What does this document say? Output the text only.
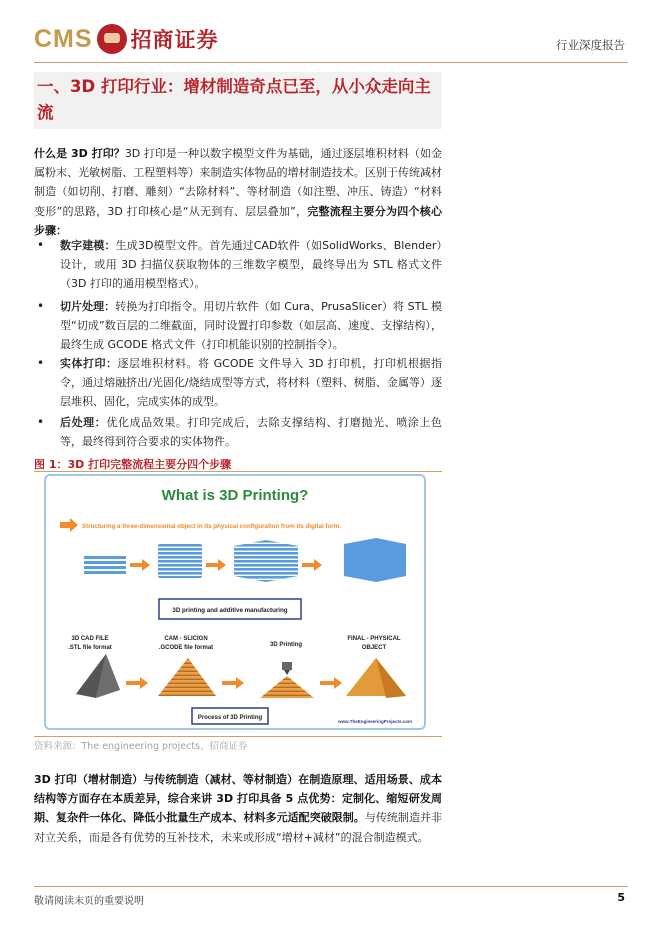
CMS 招商证券	行业深度报告
一、3D 打印行业：增材制造奇点已至，从小众走向主流
什么是 3D 打印？3D 打印是一种以数字模型文件为基础，通过逐层堆积材料（如金属粉末、光敏树脂、工程塑料等）来制造实体物品的增材制造技术。区别于传统减材制造（如切削、打磨、雕刻）“去除材料”、等材制造（如注塑、冲压、铸造）“材料变形”的思路，3D 打印核心是“从无到有、层层叠加”，完整流程主要分为四个核心步骤：
• 数字建模：生成3D模型文件。首先通过CAD软件（如SolidWorks、Blender）设计，或用 3D 扫描仪获取物体的三维数字模型，最终导出为 STL 格式文件（3D 打印的通用模型格式）。
• 切片处理：转换为打印指令。用切片软件（如 Cura、PrusaSlicer）将 STL 模型“切成”数百层的二维截面，同时设置打印参数（如层高、速度、支撑结构），最终生成 GCODE 格式文件（打印机能识别的控制指令）。
• 实体打印：逐层堆积材料。将 GCODE 文件导入 3D 打印机，打印机根据指令，通过熔融挤出/光固化/烧结成型等方式，将材料（塑料、树脂、金属等）逐层堆积、固化，完成实体的成型。
• 后处理：优化成品效果。打印完成后，去除支撑结构、打磨抛光、喷涂上色等，最终得到符合要求的实体物件。
图 1：3D 打印完整流程主要分四个步骤
What is 3D Printing?
Structuring a three-dimensional object in its physical configuration from its digital form.
3D printing and additive manufacturing
3D CAD FILE .STL file format
CAM - SLICIGN .GCODE file format	3D Printing
FINAL - PHYSICAL OBJECT
Process of 3D Printing
www.TheEngineeringProjects.com
资料来源：The engineering projects、招商证券
3D 打印（增材制造）与传统制造（减材、等材制造）在制造原理、适用场景、成本结构等方面存在本质差异，综合来讲 3D 打印具备 5 点优势：定制化、缩短研发周期、复杂件一体化、降低小批量生产成本、材料多元适配突破限制。与传统制造并非对立关系，而是各有优势的互补技术，未来或形成“增材+减材”的混合制造模式。
敬请阅读末页的重要说明	5
